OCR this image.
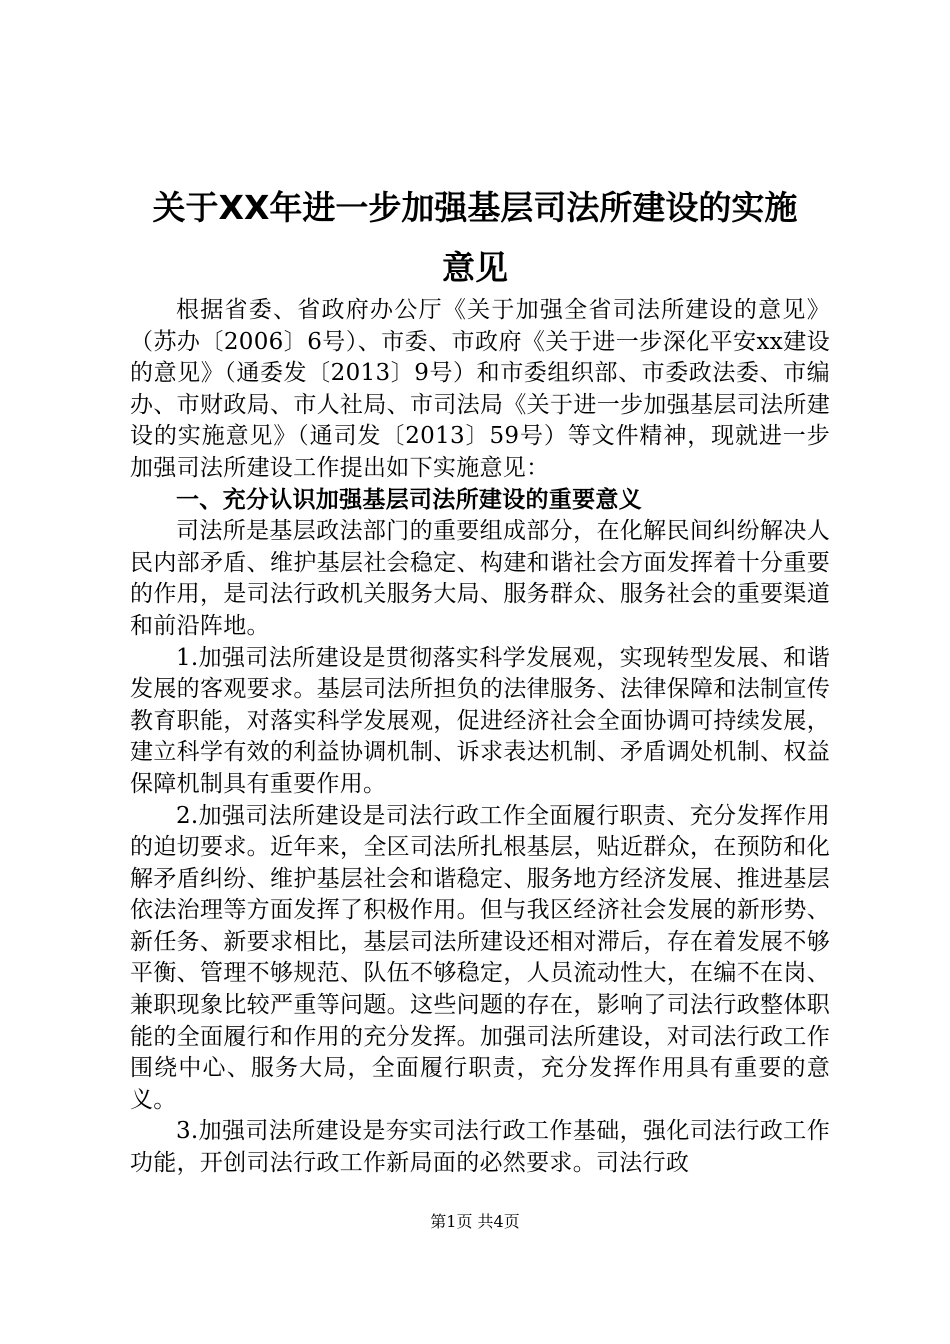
关于XX年进一步加强基层司法所建设的实施
意见

根据省委、省政府办公厅《关于加强全省司法所建设的意见》（苏办〔2006〕6号）、市委、市政府《关于进一步深化平安xx建设的意见》（通委发〔2013〕9号）和市委组织部、市委政法委、市编办、市财政局、市人社局、市司法局《关于进一步加强基层司法所建设的实施意见》（通司发〔2013〕59号）等文件精神，现就进一步加强司法所建设工作提出如下实施意见：

一、充分认识加强基层司法所建设的重要意义

司法所是基层政法部门的重要组成部分，在化解民间纠纷解决人民内部矛盾、维护基层社会稳定、构建和谐社会方面发挥着十分重要的作用，是司法行政机关服务大局、服务群众、服务社会的重要渠道和前沿阵地。

1.加强司法所建设是贯彻落实科学发展观，实现转型发展、和谐发展的客观要求。基层司法所担负的法律服务、法律保障和法制宣传教育职能，对落实科学发展观，促进经济社会全面协调可持续发展，建立科学有效的利益协调机制、诉求表达机制、矛盾调处机制、权益保障机制具有重要作用。

2.加强司法所建设是司法行政工作全面履行职责、充分发挥作用的迫切要求。近年来，全区司法所扎根基层，贴近群众，在预防和化解矛盾纠纷、维护基层社会和谐稳定、服务地方经济发展、推进基层依法治理等方面发挥了积极作用。但与我区经济社会发展的新形势、新任务、新要求相比，基层司法所建设还相对滞后，存在着发展不够平衡、管理不够规范、队伍不够稳定，人员流动性大，在编不在岗、兼职现象比较严重等问题。这些问题的存在，影响了司法行政整体职能的全面履行和作用的充分发挥。加强司法所建设，对司法行政工作围绕中心、服务大局，全面履行职责，充分发挥作用具有重要的意义。

3.加强司法所建设是夯实司法行政工作基础，强化司法行政工作功能，开创司法行政工作新局面的必然要求。司法行政

第1页 共4页
